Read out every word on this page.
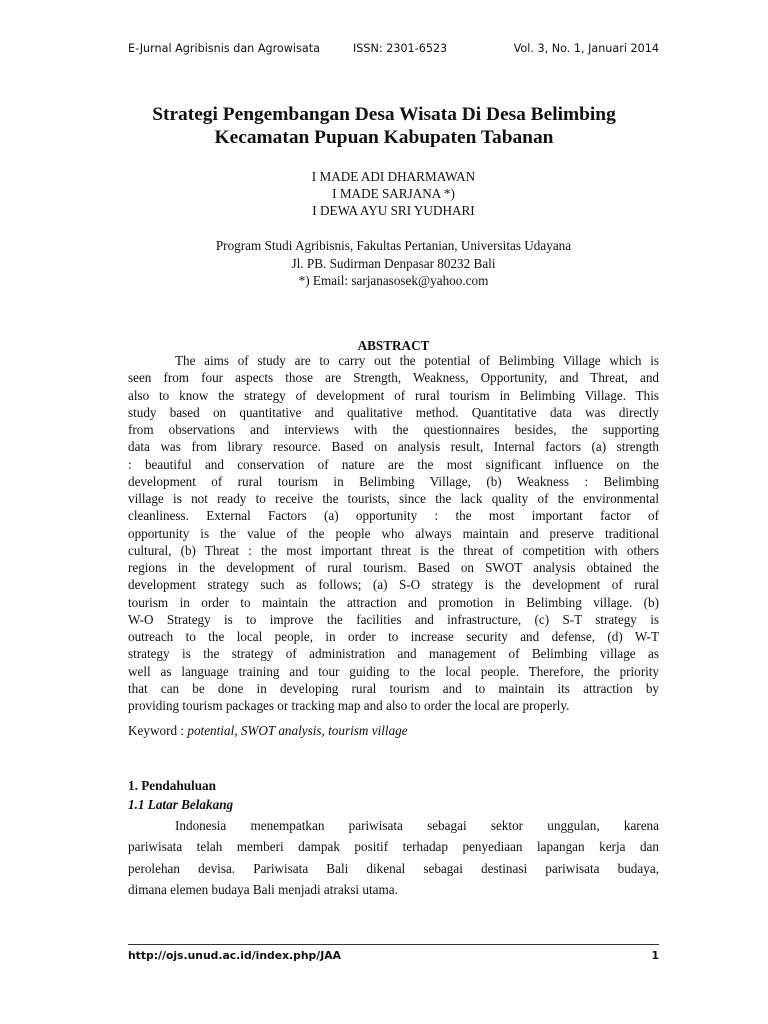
E-Jurnal Agribisnis dan Agrowisata	ISSN: 2301-6523	Vol. 3, No. 1, Januari 2014
Strategi Pengembangan Desa Wisata Di Desa Belimbing
Kecamatan Pupuan Kabupaten Tabanan
I MADE ADI DHARMAWAN
I MADE SARJANA *)
I DEWA AYU SRI YUDHARI
Program Studi Agribisnis, Fakultas Pertanian, Universitas Udayana
Jl. PB. Sudirman Denpasar 80232 Bali
*) Email: sarjanasosek@yahoo.com
ABSTRACT
The aims of study are to carry out the potential of Belimbing Village which is
seen from four aspects those are Strength, Weakness, Opportunity, and Threat, and
also to know the strategy of development of rural tourism in Belimbing Village. This
study based on quantitative and qualitative method. Quantitative data was directly
from observations and interviews with the questionnaires besides, the supporting
data was from library resource. Based on analysis result, Internal factors (a) strength
: beautiful and conservation of nature are the most significant influence on the
development of rural tourism in Belimbing Village, (b) Weakness : Belimbing
village is not ready to receive the tourists, since the lack quality of the environmental
cleanliness. External Factors (a) opportunity : the most important factor of
opportunity is the value of the people who always maintain and preserve traditional
cultural, (b) Threat : the most important threat is the threat of competition with others
regions in the development of rural tourism. Based on SWOT analysis obtained the
development strategy such as follows; (a) S-O strategy is the development of rural
tourism in order to maintain the attraction and promotion in Belimbing village. (b)
W-O Strategy is to improve the facilities and infrastructure, (c) S-T strategy is
outreach to the local people, in order to increase security and defense, (d) W-T
strategy is the strategy of administration and management of Belimbing village as
well as language training and tour guiding to the local people. Therefore, the priority
that can be done in developing rural tourism and to maintain its attraction by
providing tourism packages or tracking map and also to order the local are properly.
Keyword : potential, SWOT analysis, tourism village
1. Pendahuluan
1.1 Latar Belakang
Indonesia menempatkan pariwisata sebagai sektor unggulan, karena
pariwisata telah memberi dampak positif terhadap penyediaan lapangan kerja dan
perolehan devisa. Pariwisata Bali dikenal sebagai destinasi pariwisata budaya,
dimana elemen budaya Bali menjadi atraksi utama.
http://ojs.unud.ac.id/index.php/JAA	1
